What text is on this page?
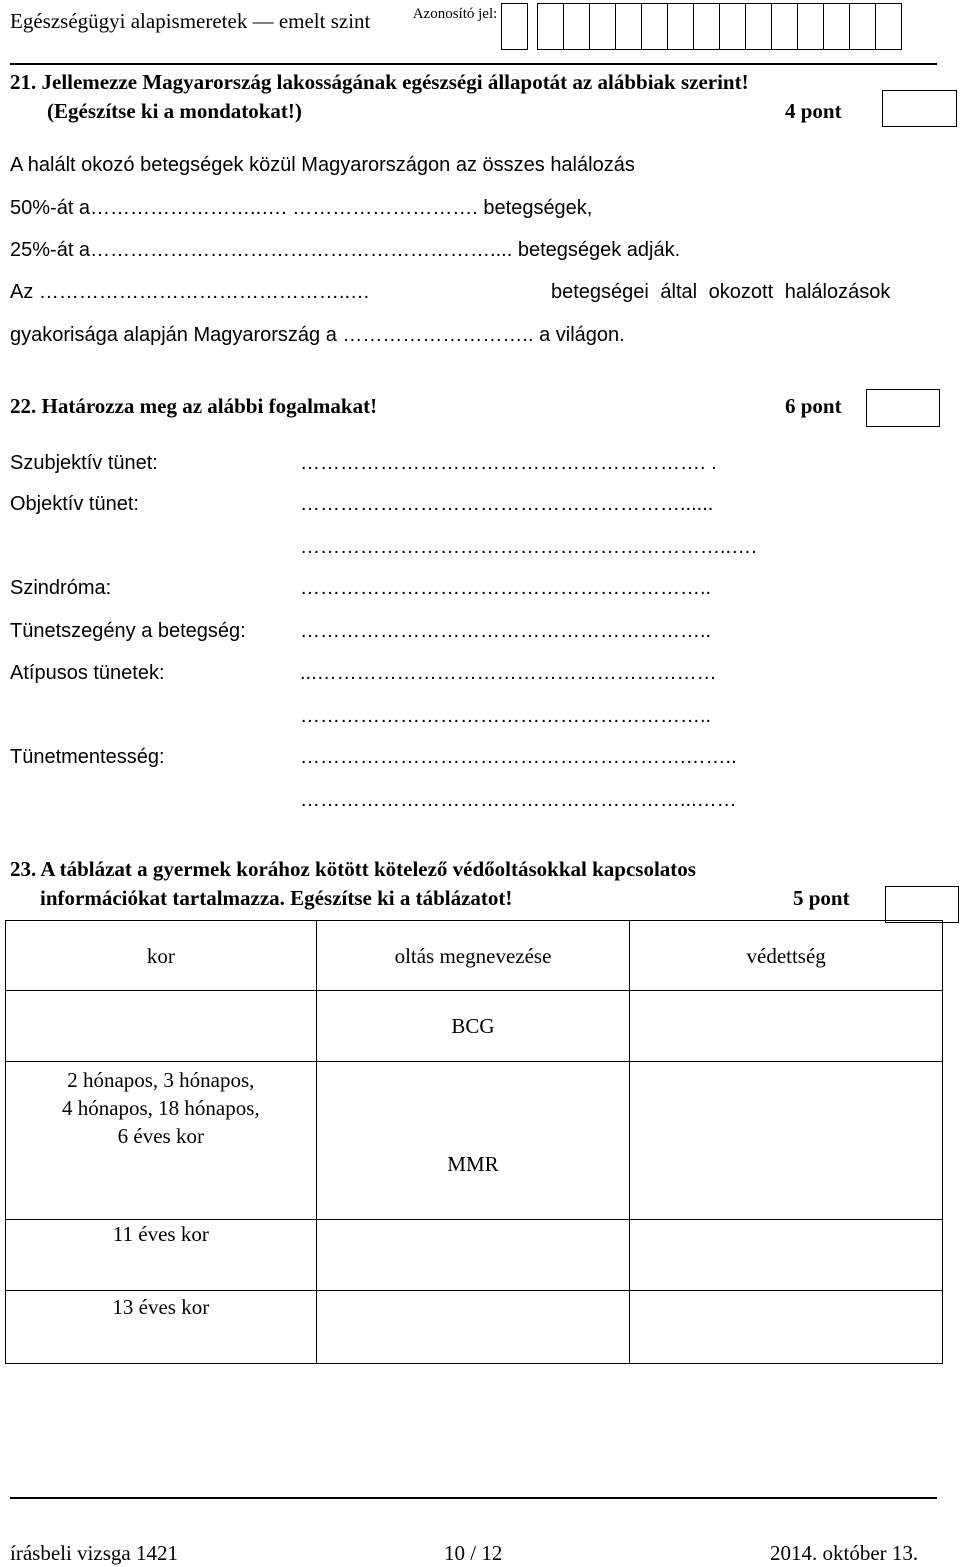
Egészségügyi alapismeretek — emelt szint	Azonosító jel:
21. Jellemezze Magyarország lakosságának egészségi állapotát az alábbiak szerint!
(Egészítse ki a mondatokat!)	4 pont
A halált okozó betegségek közül Magyarországon az összes halálozás
50%-át a……………………..…. ………………………. betegségek,
25%-át a…………………………………………………….... betegségek adják.
Az ………………………………………..…	betegségei által okozott halálozások
gyakorisága alapján Magyarország a ……………………….. a világon.
22. Határozza meg az alábbi fogalmakat!	6 pont
Szubjektív tünet:	……………………………………………………. .
Objektív tünet:	…………………………………………………......
………………………………………………………..….
Szindróma:	……………………………………………………..
Tünetszegény a betegség:	……………………………………………………..
Atípusos tünetek:	...……………………………………………………
……………………………………………………..
Tünetmentesség:	………………………………………………….……..
…………………………………………………...……
23. A táblázat a gyermek korához kötött kötelező védőoltásokkal kapcsolatos
információkat tartalmazza. Egészítse ki a táblázatot!	5 pont
kor	oltás megnevezése	védettség
	BCG	

2 hónapos, 3 hónapos,
4 hónapos, 18 hónapos,
6 éves kor	MMR	
11 éves kor		
13 éves kor		
írásbeli vizsga 1421	10 / 12	2014. október 13.
